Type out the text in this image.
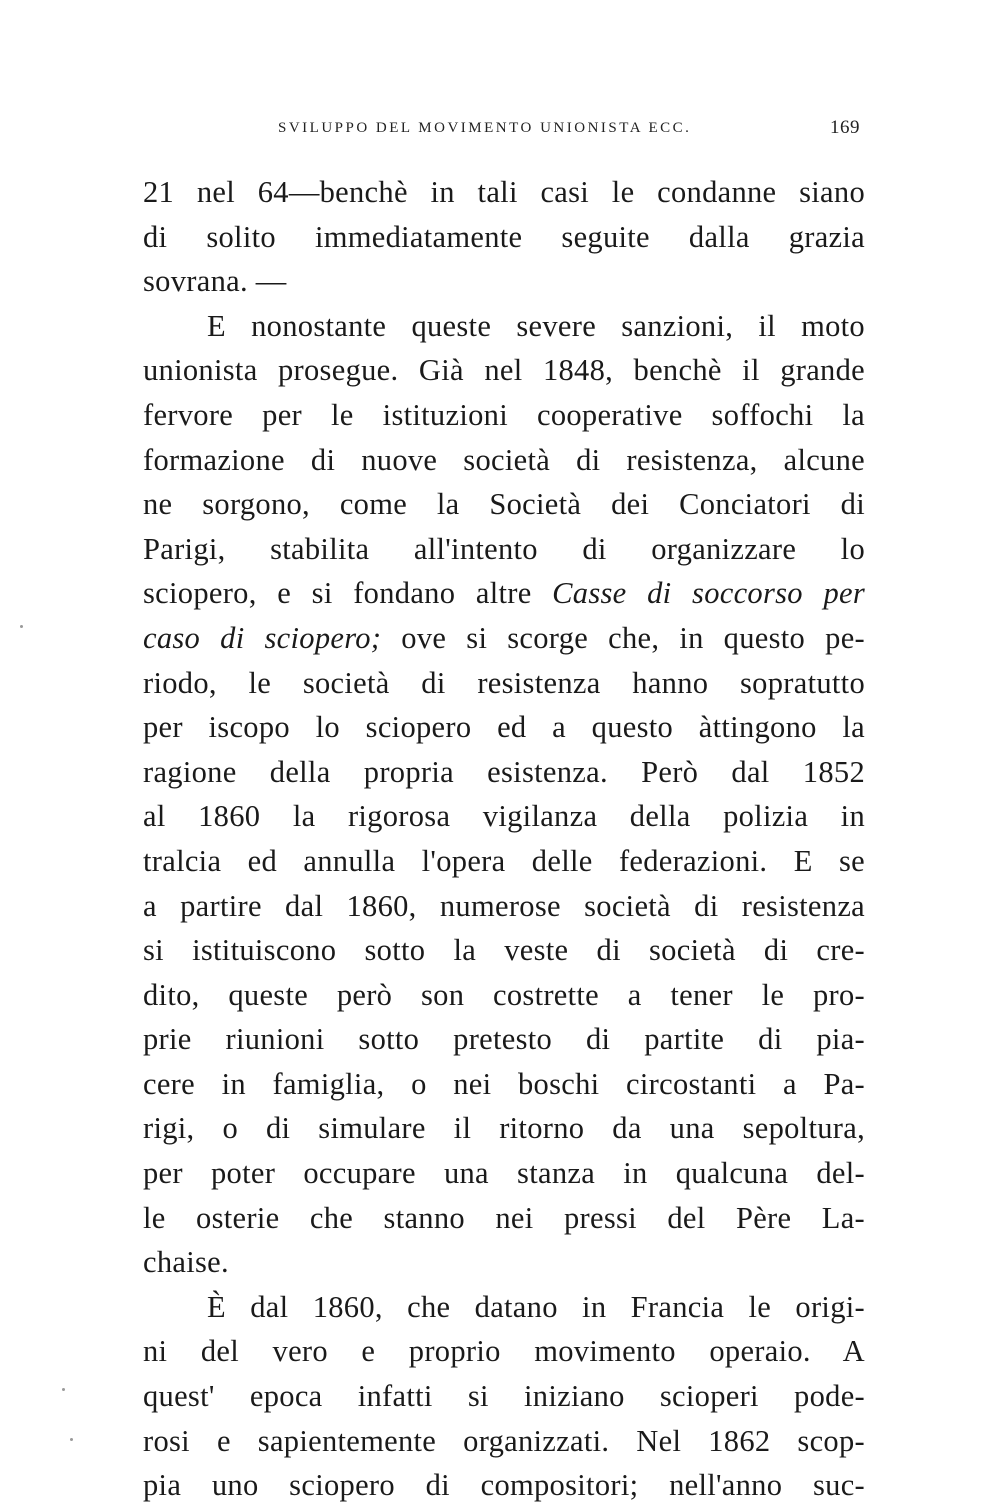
SVILUPPO DEL MOVIMENTO UNIONISTA ECC.	169
21 nel 64—benchè in tali casi le condanne siano
di solito immediatamente seguite dalla grazia
sovrana. —
E nonostante queste severe sanzioni, il moto
unionista prosegue. Già nel 1848, benchè il grande
fervore per le istituzioni cooperative soffochi la
formazione di nuove società di resistenza, alcune
ne sorgono, come la Società dei Conciatori di
Parigi, stabilita all'intento di organizzare lo
sciopero, e si fondano altre Casse di soccorso per
caso di sciopero; ove si scorge che, in questo pe-
riodo, le società di resistenza hanno sopratutto
per iscopo lo sciopero ed a questo àttingono la
ragione della propria esistenza. Però dal 1852
al 1860 la rigorosa vigilanza della polizia in
tralcia ed annulla l'opera delle federazioni. E se
a partire dal 1860, numerose società di resistenza
si istituiscono sotto la veste di società di cre-
dito, queste però son costrette a tener le pro-
prie riunioni sotto pretesto di partite di pia-
cere in famiglia, o nei boschi circostanti a Pa-
rigi, o di simulare il ritorno da una sepoltura,
per poter occupare una stanza in qualcuna del-
le osterie che stanno nei pressi del Père La-
chaise.
È dal 1860, che datano in Francia le origi-
ni del vero e proprio movimento operaio. A
quest' epoca infatti si iniziano scioperi pode-
rosi e sapientemente organizzati. Nel 1862 scop-
pia uno sciopero di compositori; nell'anno suc-
